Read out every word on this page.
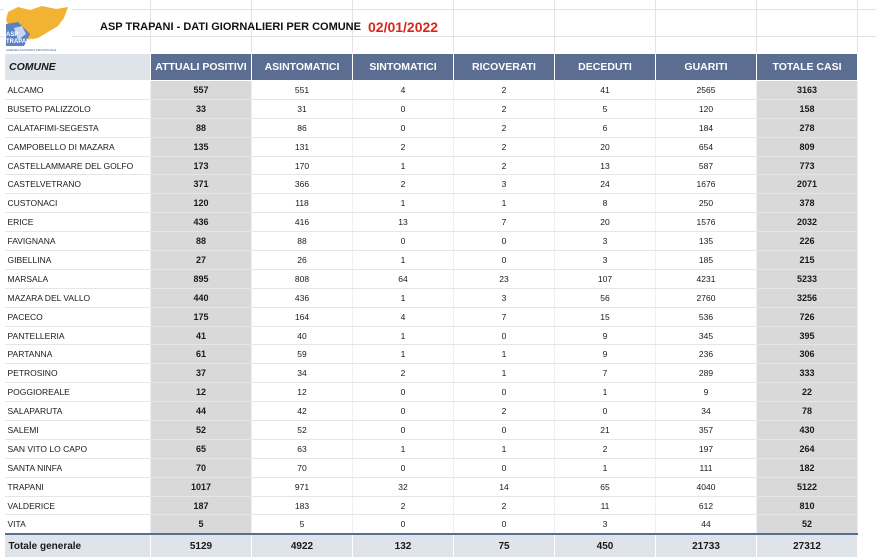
ASP
TRAPANI
AZIENDA SANITARIA PROVINCIALE
ASP TRAPANI - DATI GIORNALIERI PER COMUNE 02/01/2022
COMUNE	ATTUALI POSITIVI	ASINTOMATICI	SINTOMATICI	RICOVERATI	DECEDUTI	GUARITI	TOTALE CASI
ALCAMO	557	551	4	2	41	2565	3163
BUSETO PALIZZOLO	33	31	0	2	5	120	158
CALATAFIMI-SEGESTA	88	86	0	2	6	184	278
CAMPOBELLO DI MAZARA	135	131	2	2	20	654	809
CASTELLAMMARE DEL GOLFO	173	170	1	2	13	587	773
CASTELVETRANO	371	366	2	3	24	1676	2071
CUSTONACI	120	118	1	1	8	250	378
ERICE	436	416	13	7	20	1576	2032
FAVIGNANA	88	88	0	0	3	135	226
GIBELLINA	27	26	1	0	3	185	215
MARSALA	895	808	64	23	107	4231	5233
MAZARA DEL VALLO	440	436	1	3	56	2760	3256
PACECO	175	164	4	7	15	536	726
PANTELLERIA	41	40	1	0	9	345	395
PARTANNA	61	59	1	1	9	236	306
PETROSINO	37	34	2	1	7	289	333
POGGIOREALE	12	12	0	0	1	9	22
SALAPARUTA	44	42	0	2	0	34	78
SALEMI	52	52	0	0	21	357	430
SAN VITO LO CAPO	65	63	1	1	2	197	264
SANTA NINFA	70	70	0	0	1	111	182
TRAPANI	1017	971	32	14	65	4040	5122
VALDERICE	187	183	2	2	11	612	810
VITA	5	5	0	0	3	44	52
Totale generale	5129	4922	132	75	450	21733	27312
